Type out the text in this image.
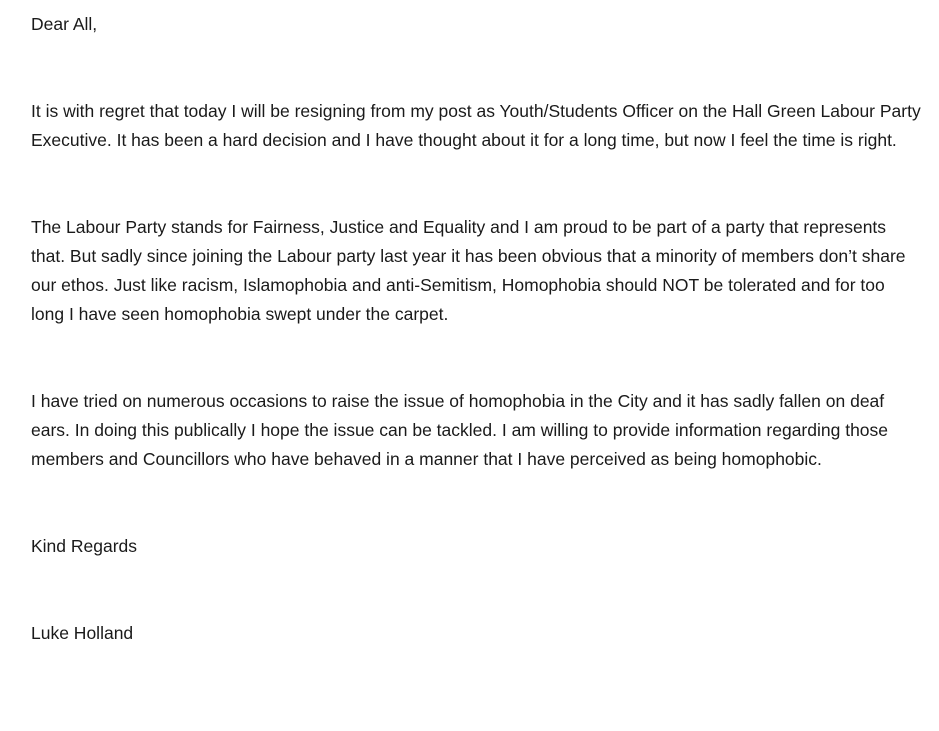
Dear All,

It is with regret that today I will be resigning from my post as Youth/Students Officer on the Hall Green Labour Party Executive. It has been a hard decision and I have thought about it for a long time, but now I feel the time is right.

The Labour Party stands for Fairness, Justice and Equality and I am proud to be part of a party that represents that. But sadly since joining the Labour party last year it has been obvious that a minority of members don’t share our ethos. Just like racism, Islamophobia and anti-Semitism, Homophobia should NOT be tolerated and for too long I have seen homophobia swept under the carpet.

I have tried on numerous occasions to raise the issue of homophobia in the City and it has sadly fallen on deaf ears. In doing this publically I hope the issue can be tackled. I am willing to provide information regarding those members and Councillors who have behaved in a manner that I have perceived as being homophobic.

Kind Regards

Luke Holland
